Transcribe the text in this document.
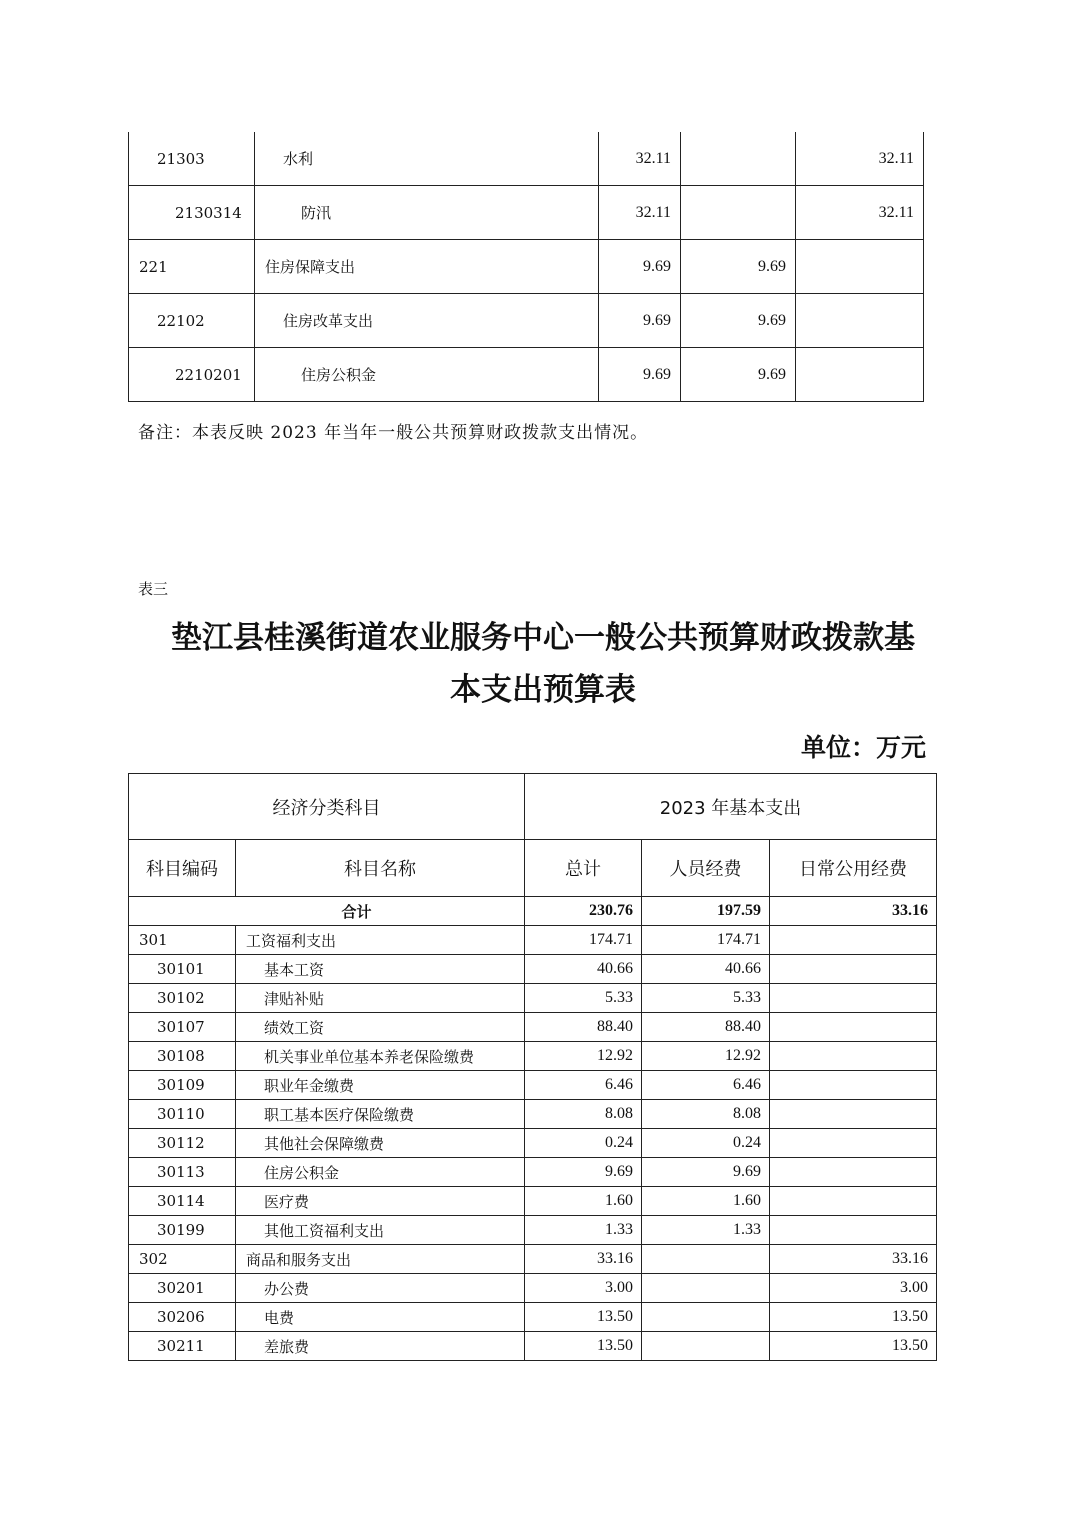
21303	水利	32.11		32.11
2130314	防汛	32.11		32.11
221	住房保障支出	9.69	9.69	
22102	住房改革支出	9.69	9.69	
2210201	住房公积金	9.69	9.69	
备注：本表反映 2023 年当年一般公共预算财政拨款支出情况。
表三
垫江县桂溪街道农业服务中心一般公共预算财政拨款基
本支出预算表
单位：万元
经济分类科目		2023 年基本支出		
科目编码	科目名称	总计	人员经费	日常公用经费
合计		230.76	197.59	33.16
301	工资福利支出	174.71	174.71	
30101	基本工资	40.66	40.66	
30102	津贴补贴	5.33	5.33	
30107	绩效工资	88.40	88.40	
30108	机关事业单位基本养老保险缴费	12.92	12.92	
30109	职业年金缴费	6.46	6.46	
30110	职工基本医疗保险缴费	8.08	8.08	
30112	其他社会保障缴费	0.24	0.24	
30113	住房公积金	9.69	9.69	
30114	医疗费	1.60	1.60	
30199	其他工资福利支出	1.33	1.33	
302	商品和服务支出	33.16		33.16
30201	办公费	3.00		3.00
30206	电费	13.50		13.50
30211	差旅费	13.50		13.50
